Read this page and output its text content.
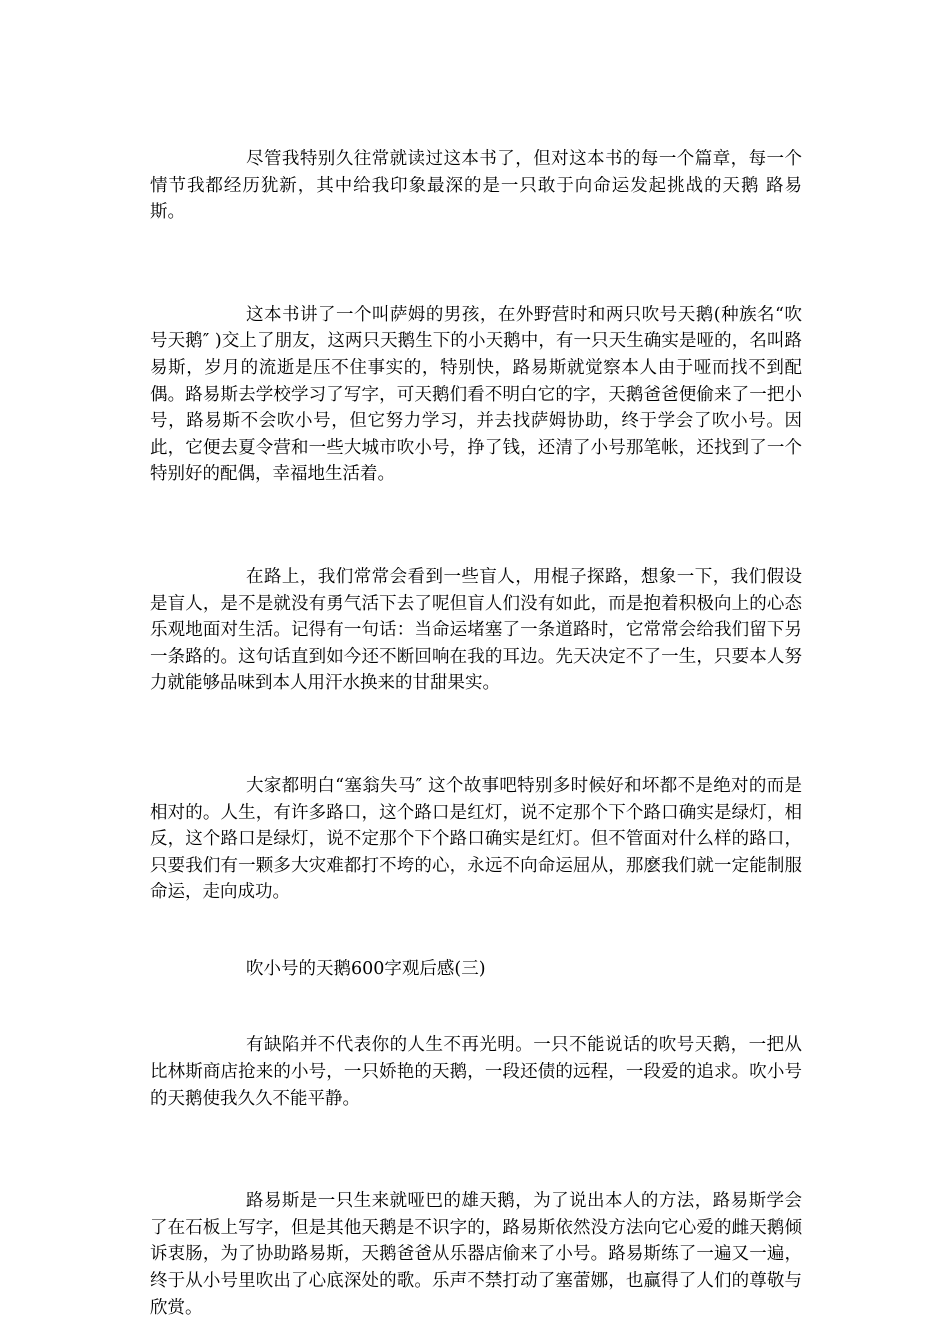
尽管我特别久往常就读过这本书了，但对这本书的每一个篇章，每一个情节我都经历犹新，其中给我印象最深的是一只敢于向命运发起挑战的天鹅 路易斯。

这本书讲了一个叫萨姆的男孩，在外野营时和两只吹号天鹅(种族名“吹号天鹅″ )交上了朋友，这两只天鹅生下的小天鹅中，有一只天生确实是哑的，名叫路易斯，岁月的流逝是压不住事实的，特别快，路易斯就觉察本人由于哑而找不到配偶。路易斯去学校学习了写字，可天鹅们看不明白它的字，天鹅爸爸便偷来了一把小号，路易斯不会吹小号，但它努力学习，并去找萨姆协助，终于学会了吹小号。因此，它便去夏令营和一些大城市吹小号，挣了钱，还清了小号那笔帐，还找到了一个特别好的配偶，幸福地生活着。

在路上，我们常常会看到一些盲人，用棍子探路，想象一下，我们假设是盲人，是不是就没有勇气活下去了呢但盲人们没有如此，而是抱着积极向上的心态乐观地面对生活。记得有一句话：当命运堵塞了一条道路时，它常常会给我们留下另一条路的。这句话直到如今还不断回响在我的耳边。先天决定不了一生，只要本人努力就能够品味到本人用汗水换来的甘甜果实。

大家都明白“塞翁失马″ 这个故事吧特别多时候好和坏都不是绝对的而是相对的。人生，有许多路口，这个路口是红灯，说不定那个下个路口确实是绿灯，相反，这个路口是绿灯，说不定那个下个路口确实是红灯。但不管面对什么样的路口，只要我们有一颗多大灾难都打不垮的心，永远不向命运屈从，那麽我们就一定能制服命运，走向成功。

吹小号的天鹅600字观后感(三)

有缺陷并不代表你的人生不再光明。一只不能说话的吹号天鹅，一把从比林斯商店抢来的小号，一只娇艳的天鹅，一段还债的远程，一段爱的追求。吹小号的天鹅使我久久不能平静。

路易斯是一只生来就哑巴的雄天鹅，为了说出本人的方法，路易斯学会了在石板上写字，但是其他天鹅是不识字的，路易斯依然没方法向它心爱的雌天鹅倾诉衷肠，为了协助路易斯，天鹅爸爸从乐器店偷来了小号。路易斯练了一遍又一遍，终于从小号里吹出了心底深处的歌。乐声不禁打动了塞蕾娜，也赢得了人们的尊敬与欣赏。
